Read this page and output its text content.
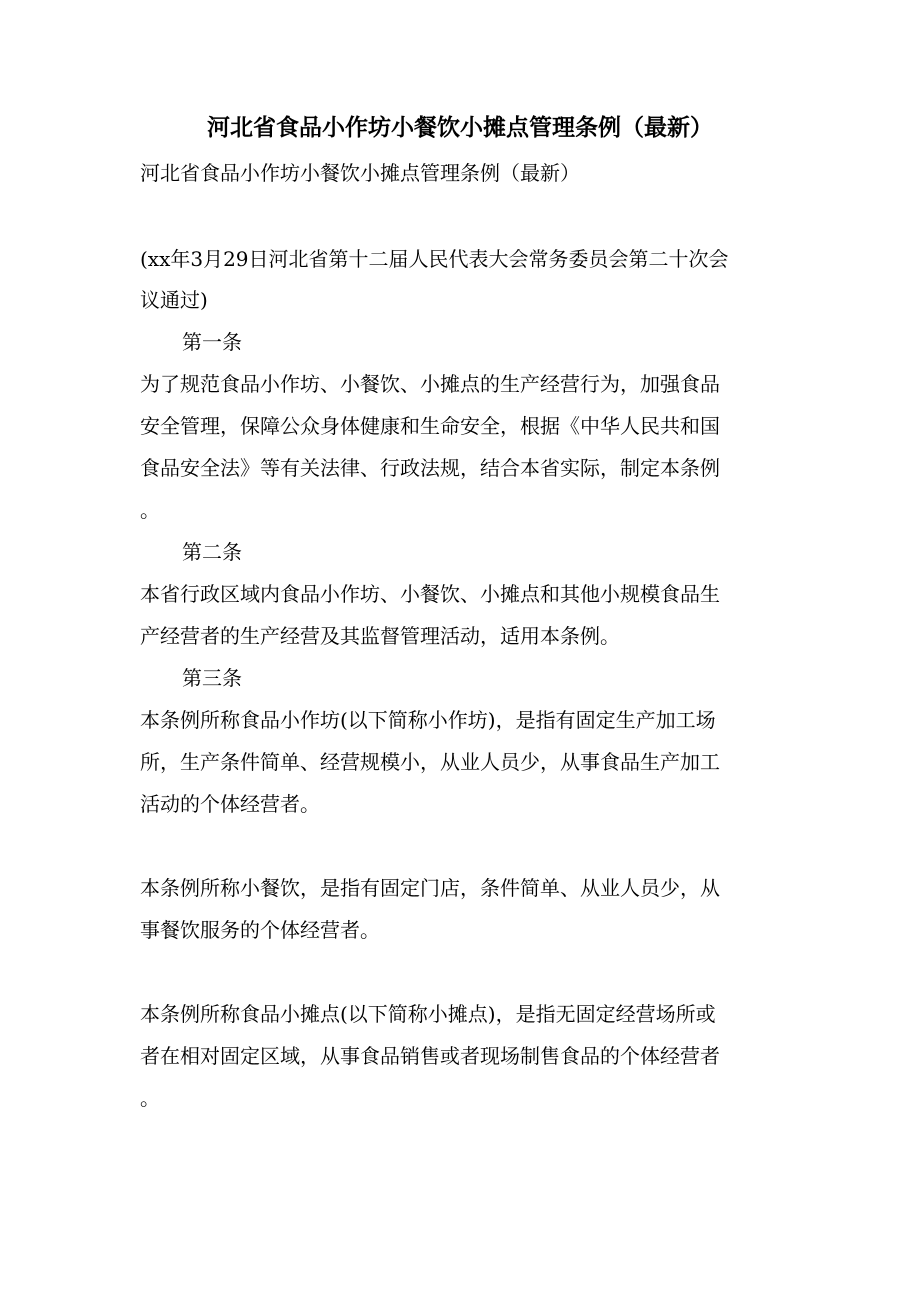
河北省食品小作坊小餐饮小摊点管理条例（最新）

河北省食品小作坊小餐饮小摊点管理条例（最新）

(xx年3月29日河北省第十二届人民代表大会常务委员会第二十次会

议通过)

第一条

为了规范食品小作坊、小餐饮、小摊点的生产经营行为，加强食品

安全管理，保障公众身体健康和生命安全，根据《中华人民共和国

食品安全法》等有关法律、行政法规，结合本省实际，制定本条例

。

第二条

本省行政区域内食品小作坊、小餐饮、小摊点和其他小规模食品生

产经营者的生产经营及其监督管理活动，适用本条例。

第三条

本条例所称食品小作坊(以下简称小作坊)，是指有固定生产加工场

所，生产条件简单、经营规模小，从业人员少，从事食品生产加工

活动的个体经营者。

本条例所称小餐饮，是指有固定门店，条件简单、从业人员少，从

事餐饮服务的个体经营者。

本条例所称食品小摊点(以下简称小摊点)，是指无固定经营场所或

者在相对固定区域，从事食品销售或者现场制售食品的个体经营者

。
